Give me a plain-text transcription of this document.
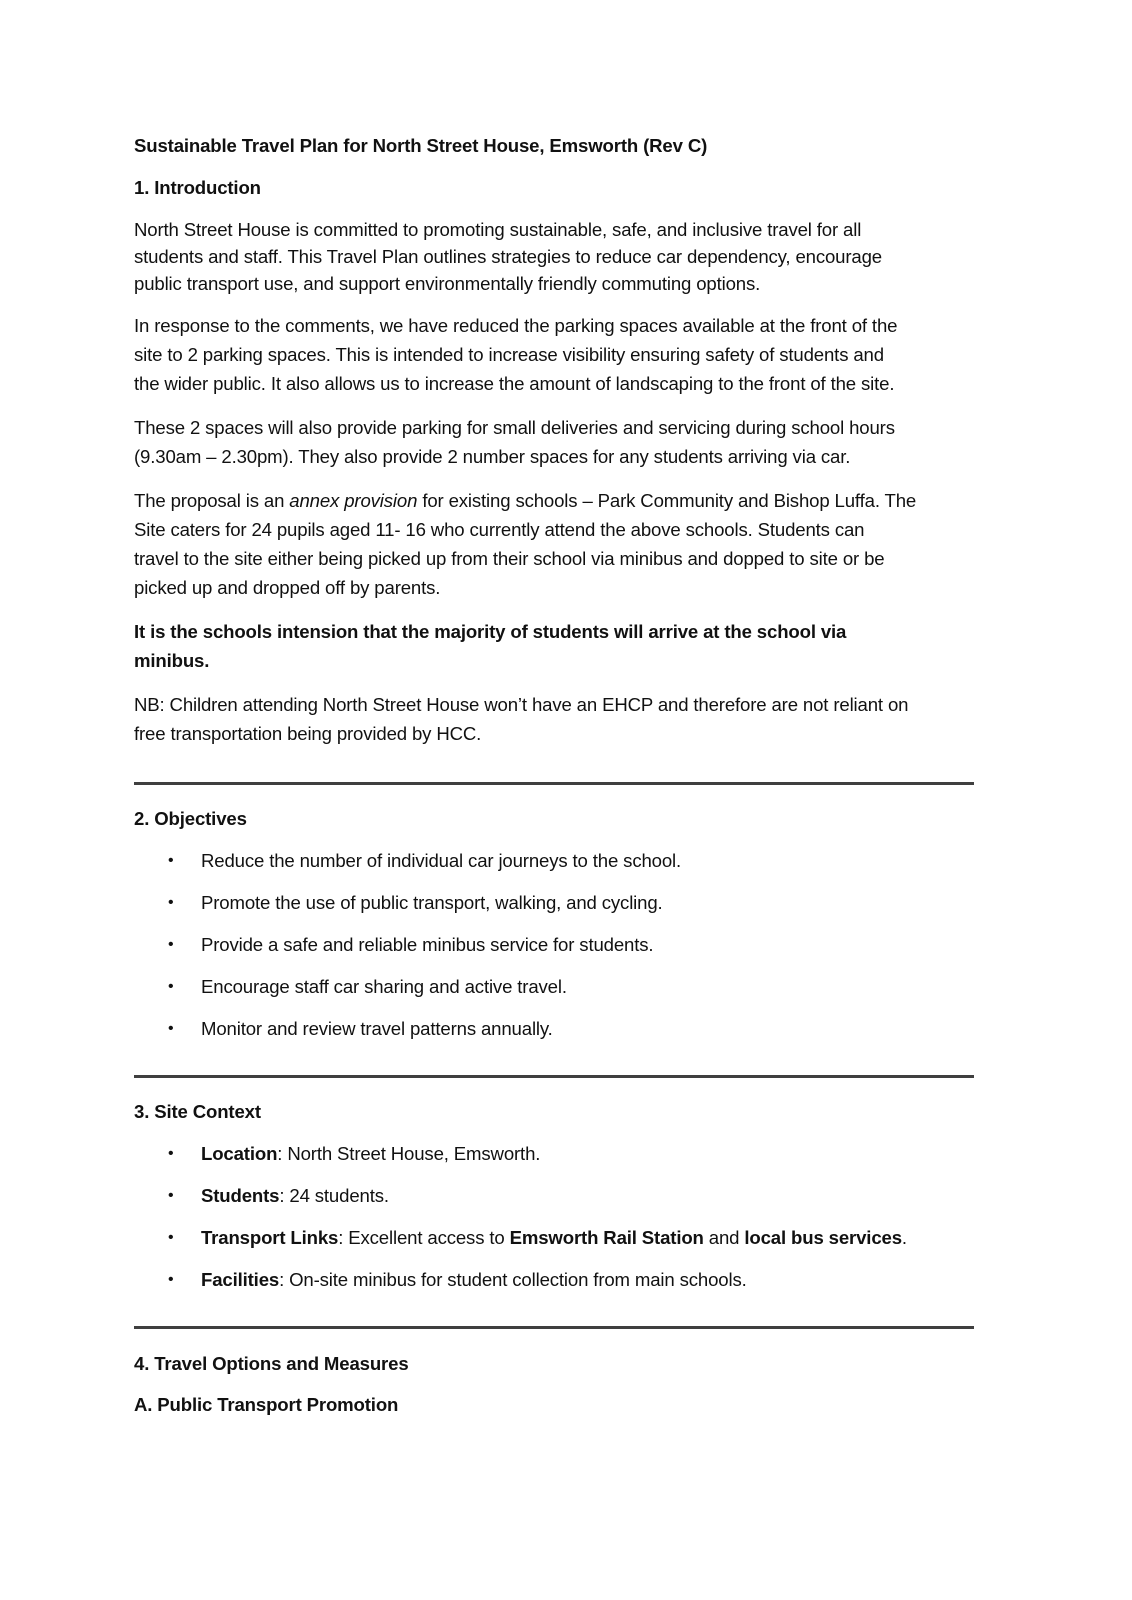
Sustainable Travel Plan for North Street House, Emsworth (Rev C)
1. Introduction
North Street House is committed to promoting sustainable, safe, and inclusive travel for all
students and staff. This Travel Plan outlines strategies to reduce car dependency, encourage
public transport use, and support environmentally friendly commuting options.
In response to the comments, we have reduced the parking spaces available at the front of the
site to 2 parking spaces. This is intended to increase visibility ensuring safety of students and
the wider public. It also allows us to increase the amount of landscaping to the front of the site.
These 2 spaces will also provide parking for small deliveries and servicing during school hours
(9.30am – 2.30pm). They also provide 2 number spaces for any students arriving via car.
The proposal is an annex provision for existing schools – Park Community and Bishop Luffa. The
Site caters for 24 pupils aged 11- 16 who currently attend the above schools. Students can
travel to the site either being picked up from their school via minibus and dopped to site or be
picked up and dropped off by parents.
It is the schools intension that the majority of students will arrive at the school via
minibus.
NB: Children attending North Street House won’t have an EHCP and therefore are not reliant on
free transportation being provided by HCC.
2. Objectives
• Reduce the number of individual car journeys to the school.
• Promote the use of public transport, walking, and cycling.
• Provide a safe and reliable minibus service for students.
• Encourage staff car sharing and active travel.
• Monitor and review travel patterns annually.
3. Site Context
• Location: North Street House, Emsworth.
• Students: 24 students.
• Transport Links: Excellent access to Emsworth Rail Station and local bus services.
• Facilities: On-site minibus for student collection from main schools.
4. Travel Options and Measures
A. Public Transport Promotion
